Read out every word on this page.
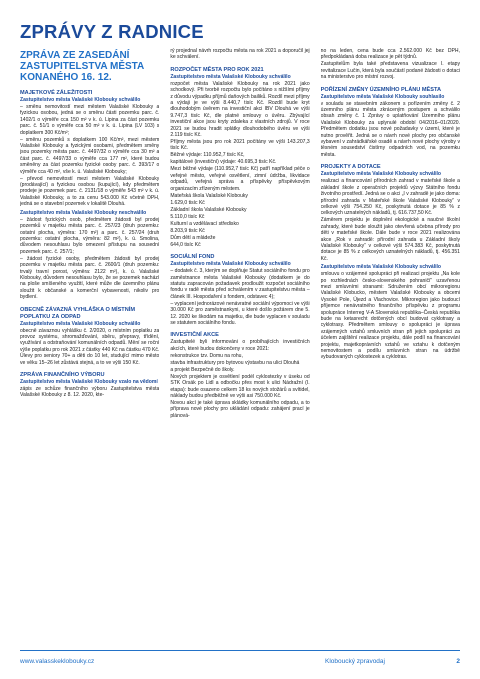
ZPRÁVY Z RADNICE
ZPRÁVA ZE ZASEDÁNÍ ZASTUPITELSTVA MĚSTA KONANÉHO 16. 12.
MAJETKOVÉ ZÁLEŽITOSTI

Zastupitelstvo města Valašské Klobouky schválilo

– směnu nemovitostí mezi městem Valašské Klobouky a fyzickou osobou, jedná se o směnu části pozemku parc. č. 1402/1 o výměře cca 150 m² v k. ú. Lipina za část pozemku parc. č. 51/1 o výměře cca 50 m² v k. ú. Lipina (LV 103) s doplatkem 300 Kč/m²;

– směnu pozemků s doplatkem 100 Kč/m², mezi městem Valašské Klobouky a fyzickými osobami, předmětem směny jsou pozemky města parc. č. 4497/32 o výměře cca 30 m² a část parc. č. 4497/33 o výměře cca 177 m², které budou směněny za část pozemku fyzické osoby parc. č. 393/17 o výměře cca 40 m², vše k. ú. Valašské Klobouky;

– převod nemovitostí mezi městem Valašské Klobouky (prodávající) a fyzickou osobou (kupující), kdy předmětem prodeje je pozemek parc. č. 2131/18 o výměře 543 m² v k. ú. Valašské Klobouky, a to za cenu 543.000 Kč včetně DPH, jedná se o stavební pozemek v lokalitě Dlouhá.

Zastupitelstvo města Valašské Klobouky neschválilo

– žádost fyzických osob, předmětem žádosti byl prodej pozemků v majetku města parc. č. 257/23 (druh pozemku: ostatní plocha, výměra: 170 m²) a parc. č. 257/24 (druh pozemku: ostatní plocha, výměra: 82 m²), k. ú. Smolina, důvodem nesouhlasu bylo omezení přístupu na sousední pozemek parc. č. 257/1;

– žádost fyzické osoby, předmětem žádosti byl prodej pozemku v majetku města parc. č. 2600/1 (druh pozemku: trvalý travní porost, výměra: 2122 m²), k. ú. Valašské Klobouky, důvodem nesouhlasu bylo, že se pozemek nachází na ploše smíšeného využití, které může dle územního plánu sloužit k občanské a komerční vybavenosti, nikoliv pro bydlení.

OBECNĚ ZÁVAZNÁ VYHLÁŠKA O MÍSTNÍM POPLATKU ZA ODPAD

Zastupitelstvo města Valašské Klobouky schválilo

obecně závaznou vyhlášku č. 2/2020, o místním poplatku za provoz systému, shromažďování, sběru, přepravy, třídění, využívání a odstraňování komunálních odpadů. Mění se roční výše poplatku pro rok 2021 z částky 440 Kč na částku 470 Kč. Úlevy pro seniory 70+ a děti do 10 let, studující mimo město ve věku 15–26 let zůstává stejná, a to ve výši 150 Kč.

ZPRÁVA FINANČNÍHO VÝBORU

Zastupitelstvo města Valašské Klobouky vzalo na vědomí

zápis ze schůze finančního výboru Zastupitelstva města Valašské Klobouky z 8. 12. 2020, kte-

rý projednal návrh rozpočtu města na rok 2021 a doporučil jej ke schválení.

ROZPOČET MĚSTA PRO ROK 2021

Zastupitelstvo města Valašské Klobouky schválilo

rozpočet města Valašské Klobouky na rok 2021 jako schodkový. Při tvorbě rozpočtu bylo počítáno s nižšími příjmy z důvodu výpadku příjmů daňových bailiků. Rozdíl mezi příjmy a výdaji je ve výši 8.440,7 tisíc Kč. Rozdíl bude kryt dlouhodobým úvěrem na investiční akci IBV Dlouhá ve výši 9.747,3 tisíc Kč, dle platné smlouvy o úvěru. Zbývající investiční akce jsou kryty zdaleka z vlastních zdrojů. V roce 2021 se budou hradit splátky dlouhodobého úvěru ve výši 2.119 tisíc Kč.

Příjmy města jsou pro rok 2021 počítány ve výši 143.207,3 tisíc Kč.

Běžné výdaje: 110.952,7 tisíc Kč,

kapitálové (investiční) výdaje: 40.695,3 tisíc Kč.

Mezi běžné výdaje (110.952,7 tisíc Kč) patří například péče o veřejné město, veřejné osvětlení, zimní údržba, likvidace odpadů, veřejná správa a příspěvky příspěvkovým organizacím zřízeným městem.

Mateřská škola Valašské Klobouky

1.629,0 tisíc Kč

Základní škola Valašské Klobouky

5.110,0 tisíc Kč

Kulturní a vzdělávací středisko

8.203,9 tisíc Kč

Dům dětí a mládeže

644,0 tisíc Kč

SOCIÁLNÍ FOND

Zastupitelstvo města Valašské Klobouky schválilo

– dodatek č. 3, kterým se doplňuje Statut sociálního fondu pro zaměstnance města Valašské Klobouky (dodatkem je do statutu zapracován požadavek prodloužit rozpočet sociálního fondu v radě města před schválením v zastupitelstvu města – článek III. Hospodaření s fondem, odstavec 4);

– vyplacení jednorázové nenávratné sociální výpomoci ve výši 30.000 Kč pro zaměstnankyni, u které došlo požárem dne 5. 12. 2020 ke škodám na majetku, dle bude vyplacen v souladu se statutem sociálního fondu.

INVESTIČNÍ AKCE

Zastupitelé byli informováni o probíhajících investičních akcích, které budou dokončeny v roce 2021:

rekonstrukce tzv. Domu na rohu,

stavba infrastruktury pro bytovou výstavbu na ulici Dlouhá

a projekt Bezpečně do školy.

Nových projektem je osvětlení podél cyklostezky v úseku od STK Orsák po Lidl a odbočku přes most k ulici Nádražní (I. etapa): bude osazeno celkem 18 ks nových stožárů a svítidel, náklady budou předběžně ve výši asi 750.000 Kč.

Novou akcí je také úprava skládky komunálního odpadu, a to příprava nové plochy pro ukládání odpadu: zahájení prací je plánová-

no na leden, cena bude cca 2.562.000 Kč bez DPH, předpokládaná doba realizace je pět týdnů.

Zastupitelům byla také představena vizualizace I. etapy revitalizace Lučin, která byla součástí podané žádosti o dotaci na ministerstvo pro místní rozvoj.

POŘÍZENÍ ZMĚNY ÚZEMNÍHO PLÁNU MĚSTA

Zastupitelstvo města Valašské Klobouky souhlasilo

v souladu se stavebním zákonem s pořízením změny č. 2 územního plánu města zkráceným postupem a schválilo obsah změny č. 1 Zprávy o uplatňování Územního plánu Valašské Klobouky za uplynulé období 04/2016–01/2020. Předmětem dodatku jsou nové požadavky v území, které je nutno prověřit. Jedná se o návrh nové plochy pro občanské vybavení v zahrádkářské osadě a návrh nové plochy výroby v těsném sousedství čistírny odpadních vod, na pozemku města.

PROJEKTY A DOTACE

Zastupitelstvo města Valašské Klobouky schválilo

realizaci a financování přírodních zahrad v mateřské škole a základní škole z operačních projektů výzvy Státního fondu životního prostředí. Jedná se o akci „I v zahradě je jako doma: přírodní zahrada v Mateřské škole Valašské Klobouky“ v celkové výši 754.250 Kč, poskytnutá dotace je 85 % z celkových uznatelných nákladů, tj. 616.737,50 Kč.

Záměrem projektu je doplnění ekologické a naučné školní zahrady, které bude sloužit jako otevřená učebna přírody pro děti v mateřské škole. Dále bude v roce 2021 realizována akce „Rok v zahradě: přírodní zahrada u Základní školy Valašské Klobouky“ v celkové výši 574.383 Kč, poskytnutá dotace je 85 % z celkových uznatelných nákladů, tj. 456.351 Kč.

Zastupitelstvo města Valašské Klobouky schválilo

smlouvu o vzájemné spolupráci při realizaci projektu „Na kole po rozhlednách česko-slovenského pohraničí“ uzavřenou mezi smluvními stranami: Sdružením obcí mikroregionu Valašské Klobucko, městem Valašské Klobouky a obcemi Vysoké Pole, Újezd a Vlachovice. Mikroregion jako budoucí příjemce nenávratného finančního příspěvku z programu spolupráce Interreg V-A Slovenská republika–Česká republika bude na ketasrecht dotčených obcí budovat cyklotrasy a cyklotrasy. Předmětem smlouvy o spolupráci je úprava vzájemných vztahů smluvních stran při jejich spolupráci za účelem zajištění realizace projektu, dále podíl na financování projektu, majetkoprávních vztahů ve vztahu k dotčeným nemovitostem a podílu smluvních stran na údržbě vybudovaných cyklostezek a cyklotras.

www.valasskeklobouky.cz	Kloboucký zpravodaj	2
